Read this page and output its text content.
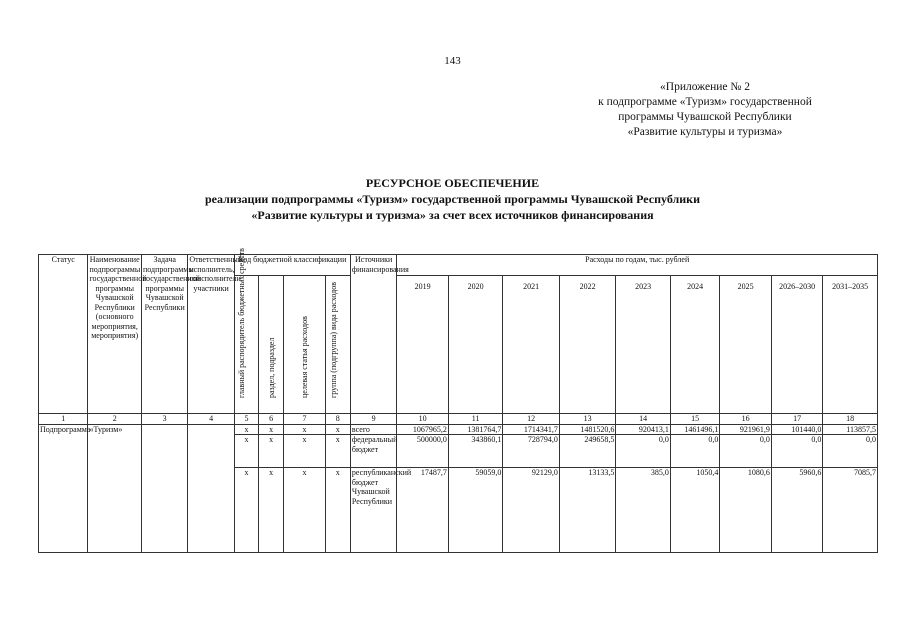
143
«Приложение № 2
к подпрограмме «Туризм» государственной
программы Чувашской Республики
«Развитие культуры и туризма»
РЕСУРСНОЕ ОБЕСПЕЧЕНИЕ
реализации подпрограммы «Туризм» государственной программы Чувашской Республики
«Развитие культуры и туризма» за счет всех источников финансирования
Статус	Наименование подпрограммы государственной программы Чувашской Республики (основного мероприятия, мероприятия)	Задача подпрограммы государственной программы Чувашской Республики	Ответственный исполнитель, соисполнители, участники	Код бюджетной классификации				Источники финансирования	Расходы по годам, тыс. рублей								

				главный распорядитель бюджетных средств	раздел, подраздел	целевая статья расходов	группа (подгруппа) вида расходов		2019	2020	2021	2022	2023	2024	2025	2026–2030	2031–2035
1	2	3	4	5	6	7	8	9	10	11	12	13	14	15	16	17	18
Подпрограмма	«Туризм»			x	x	x	x	всего	1067965,2	1381764,7	1714341,7	1481520,6	920413,1	1461496,1	921961,9	101440,0	113857,5
				x	x	x	x	федеральный бюджет	500000,0	343860,1	728794,0	249658,5	0,0	0,0	0,0	0,0	0,0
				x	x	x	x	республиканский бюджет Чувашской Республики	17487,7	59059,0	92129,0	13133,5	385,0	1050,4	1080,6	5960,6	7085,7
